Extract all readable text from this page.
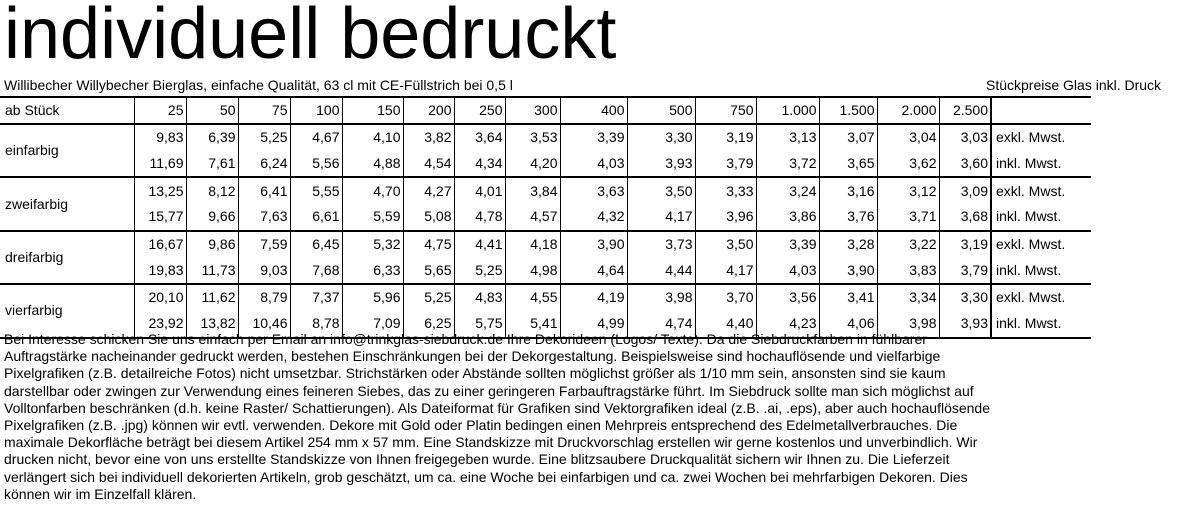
individuell bedruckt
Willibecher Willybecher Bierglas, einfache Qualität, 63 cl mit CE-Füllstrich bei 0,5 l	Stückpreise Glas inkl. Druck
ab Stück	25	50	75	100	150	200	250	300	400	500	750	1.000	1.500	2.000	2.500	
einfarbig	9,83	6,39	5,25	4,67	4,10	3,82	3,64	3,53	3,39	3,30	3,19	3,13	3,07	3,04	3,03	exkl. Mwst.
	11,69	7,61	6,24	5,56	4,88	4,54	4,34	4,20	4,03	3,93	3,79	3,72	3,65	3,62	3,60	inkl. Mwst.
zweifarbig	13,25	8,12	6,41	5,55	4,70	4,27	4,01	3,84	3,63	3,50	3,33	3,24	3,16	3,12	3,09	exkl. Mwst.
	15,77	9,66	7,63	6,61	5,59	5,08	4,78	4,57	4,32	4,17	3,96	3,86	3,76	3,71	3,68	inkl. Mwst.
dreifarbig	16,67	9,86	7,59	6,45	5,32	4,75	4,41	4,18	3,90	3,73	3,50	3,39	3,28	3,22	3,19	exkl. Mwst.
	19,83	11,73	9,03	7,68	6,33	5,65	5,25	4,98	4,64	4,44	4,17	4,03	3,90	3,83	3,79	inkl. Mwst.
vierfarbig	20,10	11,62	8,79	7,37	5,96	5,25	4,83	4,55	4,19	3,98	3,70	3,56	3,41	3,34	3,30	exkl. Mwst.
	23,92	13,82	10,46	8,78	7,09	6,25	5,75	5,41	4,99	4,74	4,40	4,23	4,06	3,98	3,93	inkl. Mwst.
Bei Interesse schicken Sie uns einfach per Email an info@trinkglas-siebdruck.de Ihre Dekorideen (Logos/ Texte). Da die Siebdruckfarben in fühlbarer
Auftragstärke nacheinander gedruckt werden, bestehen Einschränkungen bei der Dekorgestaltung. Beispielsweise sind hochauflösende und vielfarbige
Pixelgrafiken (z.B. detailreiche Fotos) nicht umsetzbar. Strichstärken oder Abstände sollten möglichst größer als 1/10 mm sein, ansonsten sind sie kaum
darstellbar oder zwingen zur Verwendung eines feineren Siebes, das zu einer geringeren Farbauftragstärke führt. Im Siebdruck sollte man sich möglichst auf
Volltonfarben beschränken (d.h. keine Raster/ Schattierungen). Als Dateiformat für Grafiken sind Vektorgrafiken ideal (z.B. .ai, .eps), aber auch hochauflösende
Pixelgrafiken (z.B. .jpg) können wir evtl. verwenden. Dekore mit Gold oder Platin bedingen einen Mehrpreis entsprechend des Edelmetallverbrauches. Die
maximale Dekorfläche beträgt bei diesem Artikel 254 mm x 57 mm. Eine Standskizze mit Druckvorschlag erstellen wir gerne kostenlos und unverbindlich. Wir
drucken nicht, bevor eine von uns erstellte Standskizze von Ihnen freigegeben wurde. Eine blitzsaubere Druckqualität sichern wir Ihnen zu. Die Lieferzeit
verlängert sich bei individuell dekorierten Artikeln, grob geschätzt, um ca. eine Woche bei einfarbigen und ca. zwei Wochen bei mehrfarbigen Dekoren. Dies
können wir im Einzelfall klären.
